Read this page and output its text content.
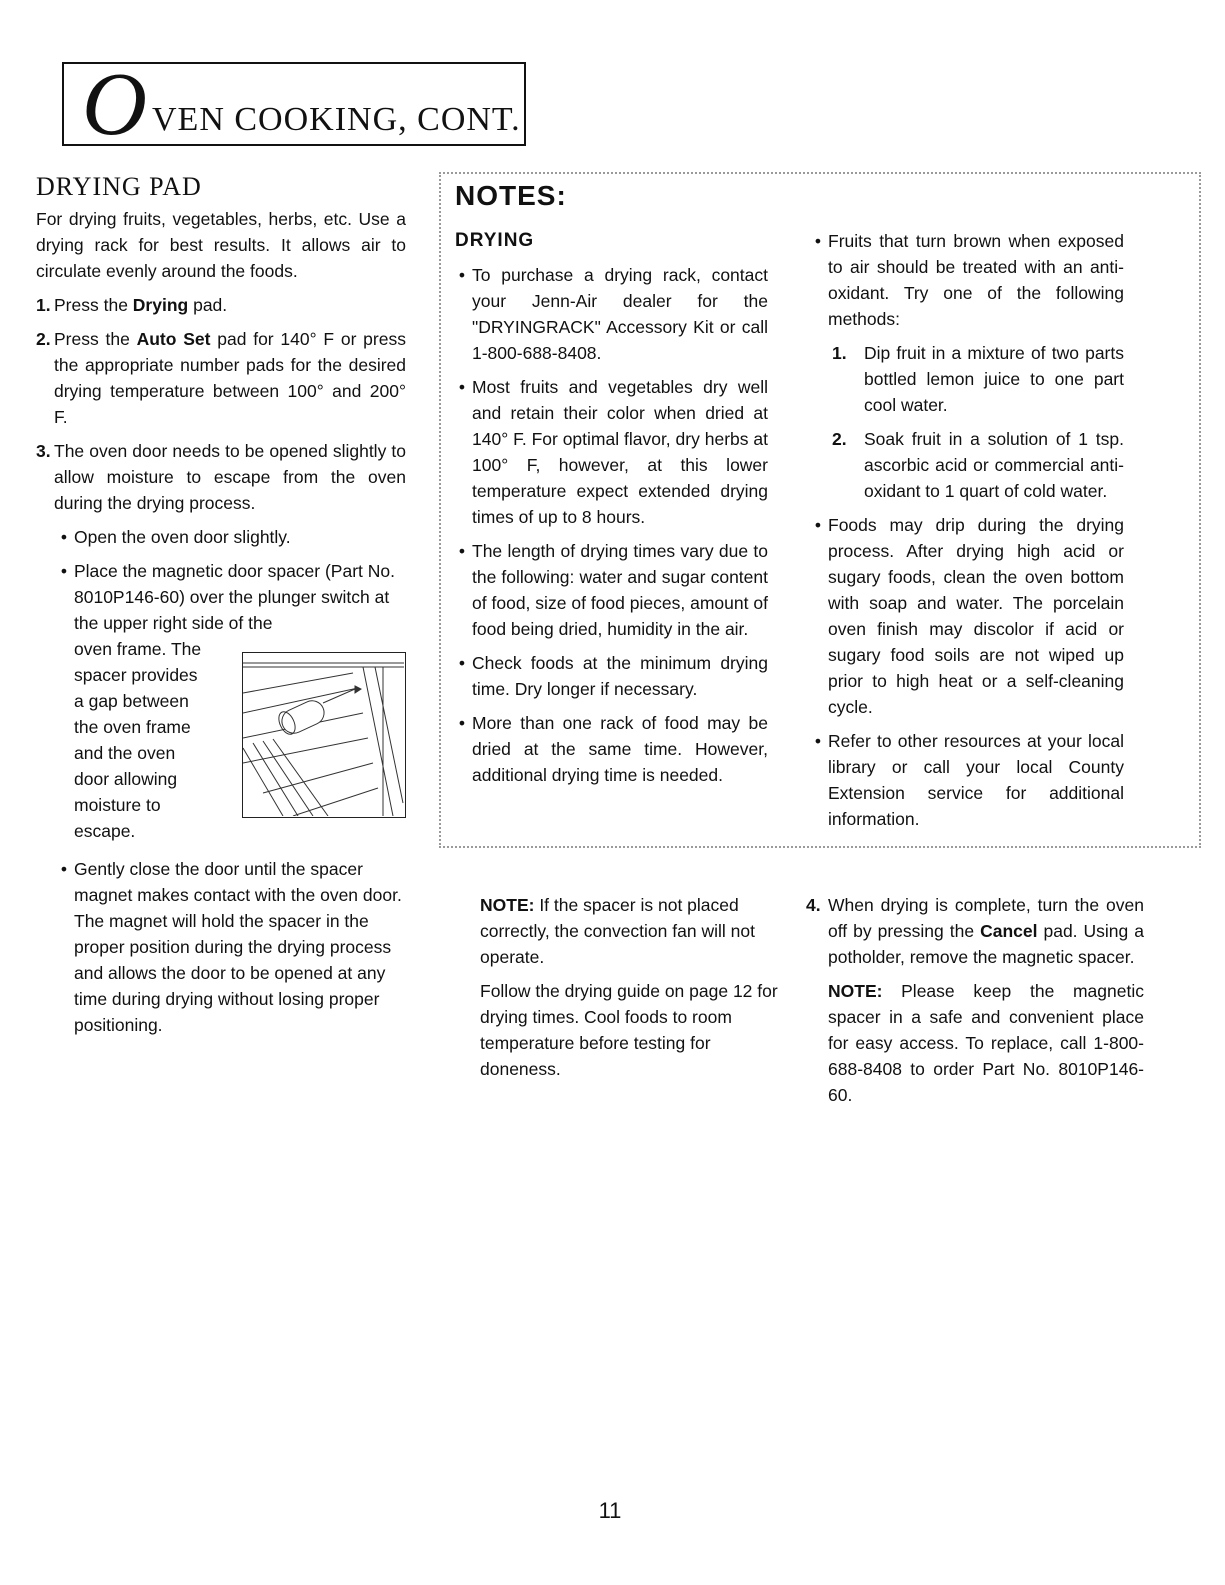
O VEN COOKING, CONT.
DRYING PAD

For drying fruits, vegetables, herbs, etc. Use a drying rack for best results. It allows air to circulate evenly around the foods.

1. Press the Drying pad.
2. Press the Auto Set pad for 140° F or press the appropriate number pads for the desired drying temperature between 100° and 200° F.
3. The oven door needs to be opened slightly to allow moisture to escape from the oven during the drying process.
• Open the oven door slightly.
• Place the magnetic door spacer (Part No. 8010P146-60) over the plunger switch at the upper right side of the
oven frame. The
spacer provides
a gap between
the oven frame
and the oven
door allowing
moisture to
escape.
• Gently close the door until the spacer magnet makes contact with the oven door. The magnet will hold the spacer in the proper position during the drying process and allows the door to be opened at any time during drying without losing proper positioning.
NOTES:
DRYING
• To purchase a drying rack, contact your Jenn-Air dealer for the "DRYINGRACK" Accessory Kit or call 1-800-688-8408.
• Most fruits and vegetables dry well and retain their color when dried at 140° F. For optimal flavor, dry herbs at 100° F, however, at this lower temperature expect extended drying times of up to 8 hours.
• The length of drying times vary due to the following: water and sugar content of food, size of food pieces, amount of food being dried, humidity in the air.
• Check foods at the minimum drying time. Dry longer if necessary.
• More than one rack of food may be dried at the same time. However, additional drying time is needed.
• Fruits that turn brown when exposed to air should be treated with an anti-oxidant. Try one of the following methods:
1. Dip fruit in a mixture of two parts bottled lemon juice to one part cool water.
2. Soak fruit in a solution of 1 tsp. ascorbic acid or commercial anti-oxidant to 1 quart of cold water.
• Foods may drip during the drying process. After drying high acid or sugary foods, clean the oven bottom with soap and water. The porcelain oven finish may discolor if acid or sugary food soils are not wiped up prior to high heat or a self-cleaning cycle.
• Refer to other resources at your local library or call your local County Extension service for additional information.

NOTE: If the spacer is not placed correctly, the convection fan will not operate.

Follow the drying guide on page 12 for drying times. Cool foods to room temperature before testing for doneness.

4. When drying is complete, turn the oven off by pressing the Cancel pad. Using a potholder, remove the magnetic spacer.

NOTE: Please keep the magnetic spacer in a safe and convenient place for easy access. To replace, call 1-800-688-8408 to order Part No. 8010P146-60.

11
